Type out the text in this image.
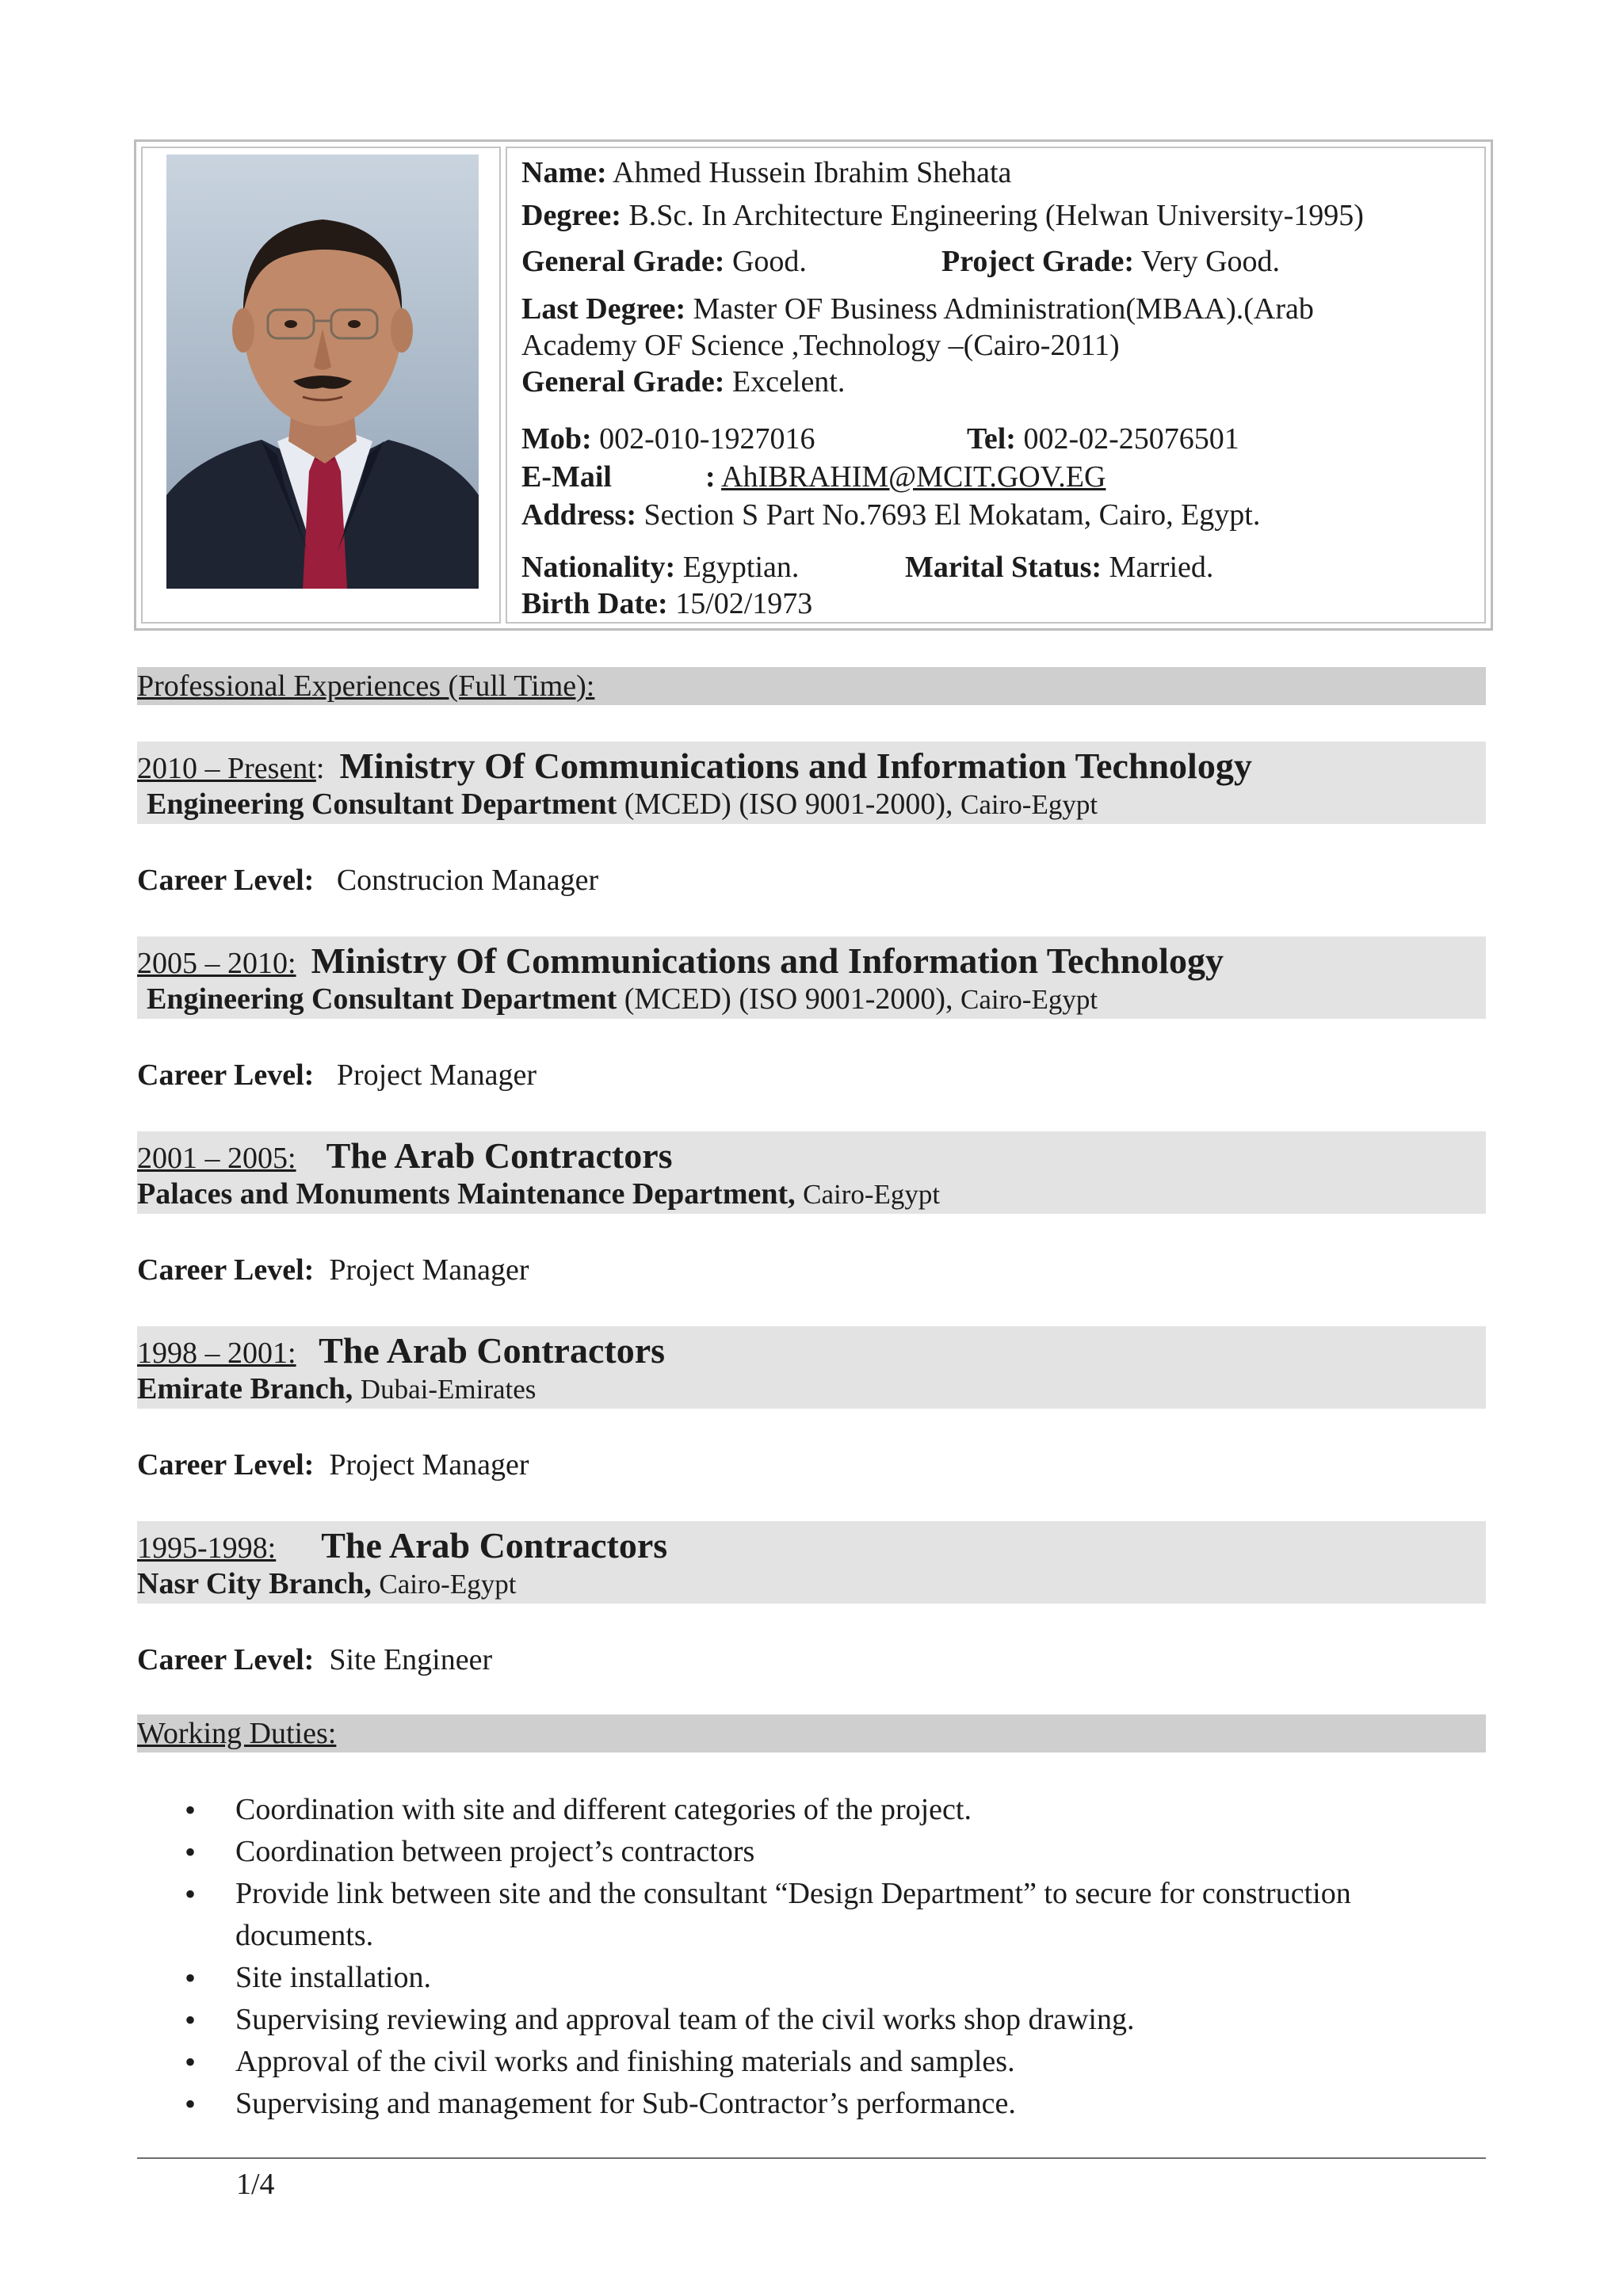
Name: Ahmed Hussein Ibrahim Shehata
Degree: B.Sc. In Architecture Engineering (Helwan University-1995)
General Grade: Good.	Project Grade: Very Good.
Last Degree: Master OF Business Administration(MBAA).(Arab
Academy OF Science ,Technology –(Cairo-2011)
General Grade: Excelent.
Mob: 002-010-1927016	Tel: 002-02-25076501
E-Mail	: AhIBRAHIM@MCIT.GOV.EG
Address: Section S Part No.7693 El Mokatam, Cairo, Egypt.
Nationality: Egyptian.	Marital Status: Married.
Birth Date: 15/02/1973
Professional Experiences (Full Time):
2010 – Present: Ministry Of Communications and Information Technology
Engineering Consultant Department (MCED) (ISO 9001-2000), Cairo-Egypt
Career Level: Construcion Manager
2005 – 2010: Ministry Of Communications and Information Technology
Engineering Consultant Department (MCED) (ISO 9001-2000), Cairo-Egypt
Career Level: Project Manager
2001 – 2005: The Arab Contractors
Palaces and Monuments Maintenance Department, Cairo-Egypt
Career Level: Project Manager
1998 – 2001: The Arab Contractors
Emirate Branch, Dubai-Emirates
Career Level: Project Manager
1995-1998: The Arab Contractors
Nasr City Branch, Cairo-Egypt
Career Level: Site Engineer
Working Duties:
• Coordination with site and different categories of the project.
• Coordination between project’s contractors
• Provide link between site and the consultant “Design Department” to secure for construction documents.
• Site installation.
• Supervising reviewing and approval team of the civil works shop drawing.
• Approval of the civil works and finishing materials and samples.
• Supervising and management for Sub-Contractor’s performance.
1/4
